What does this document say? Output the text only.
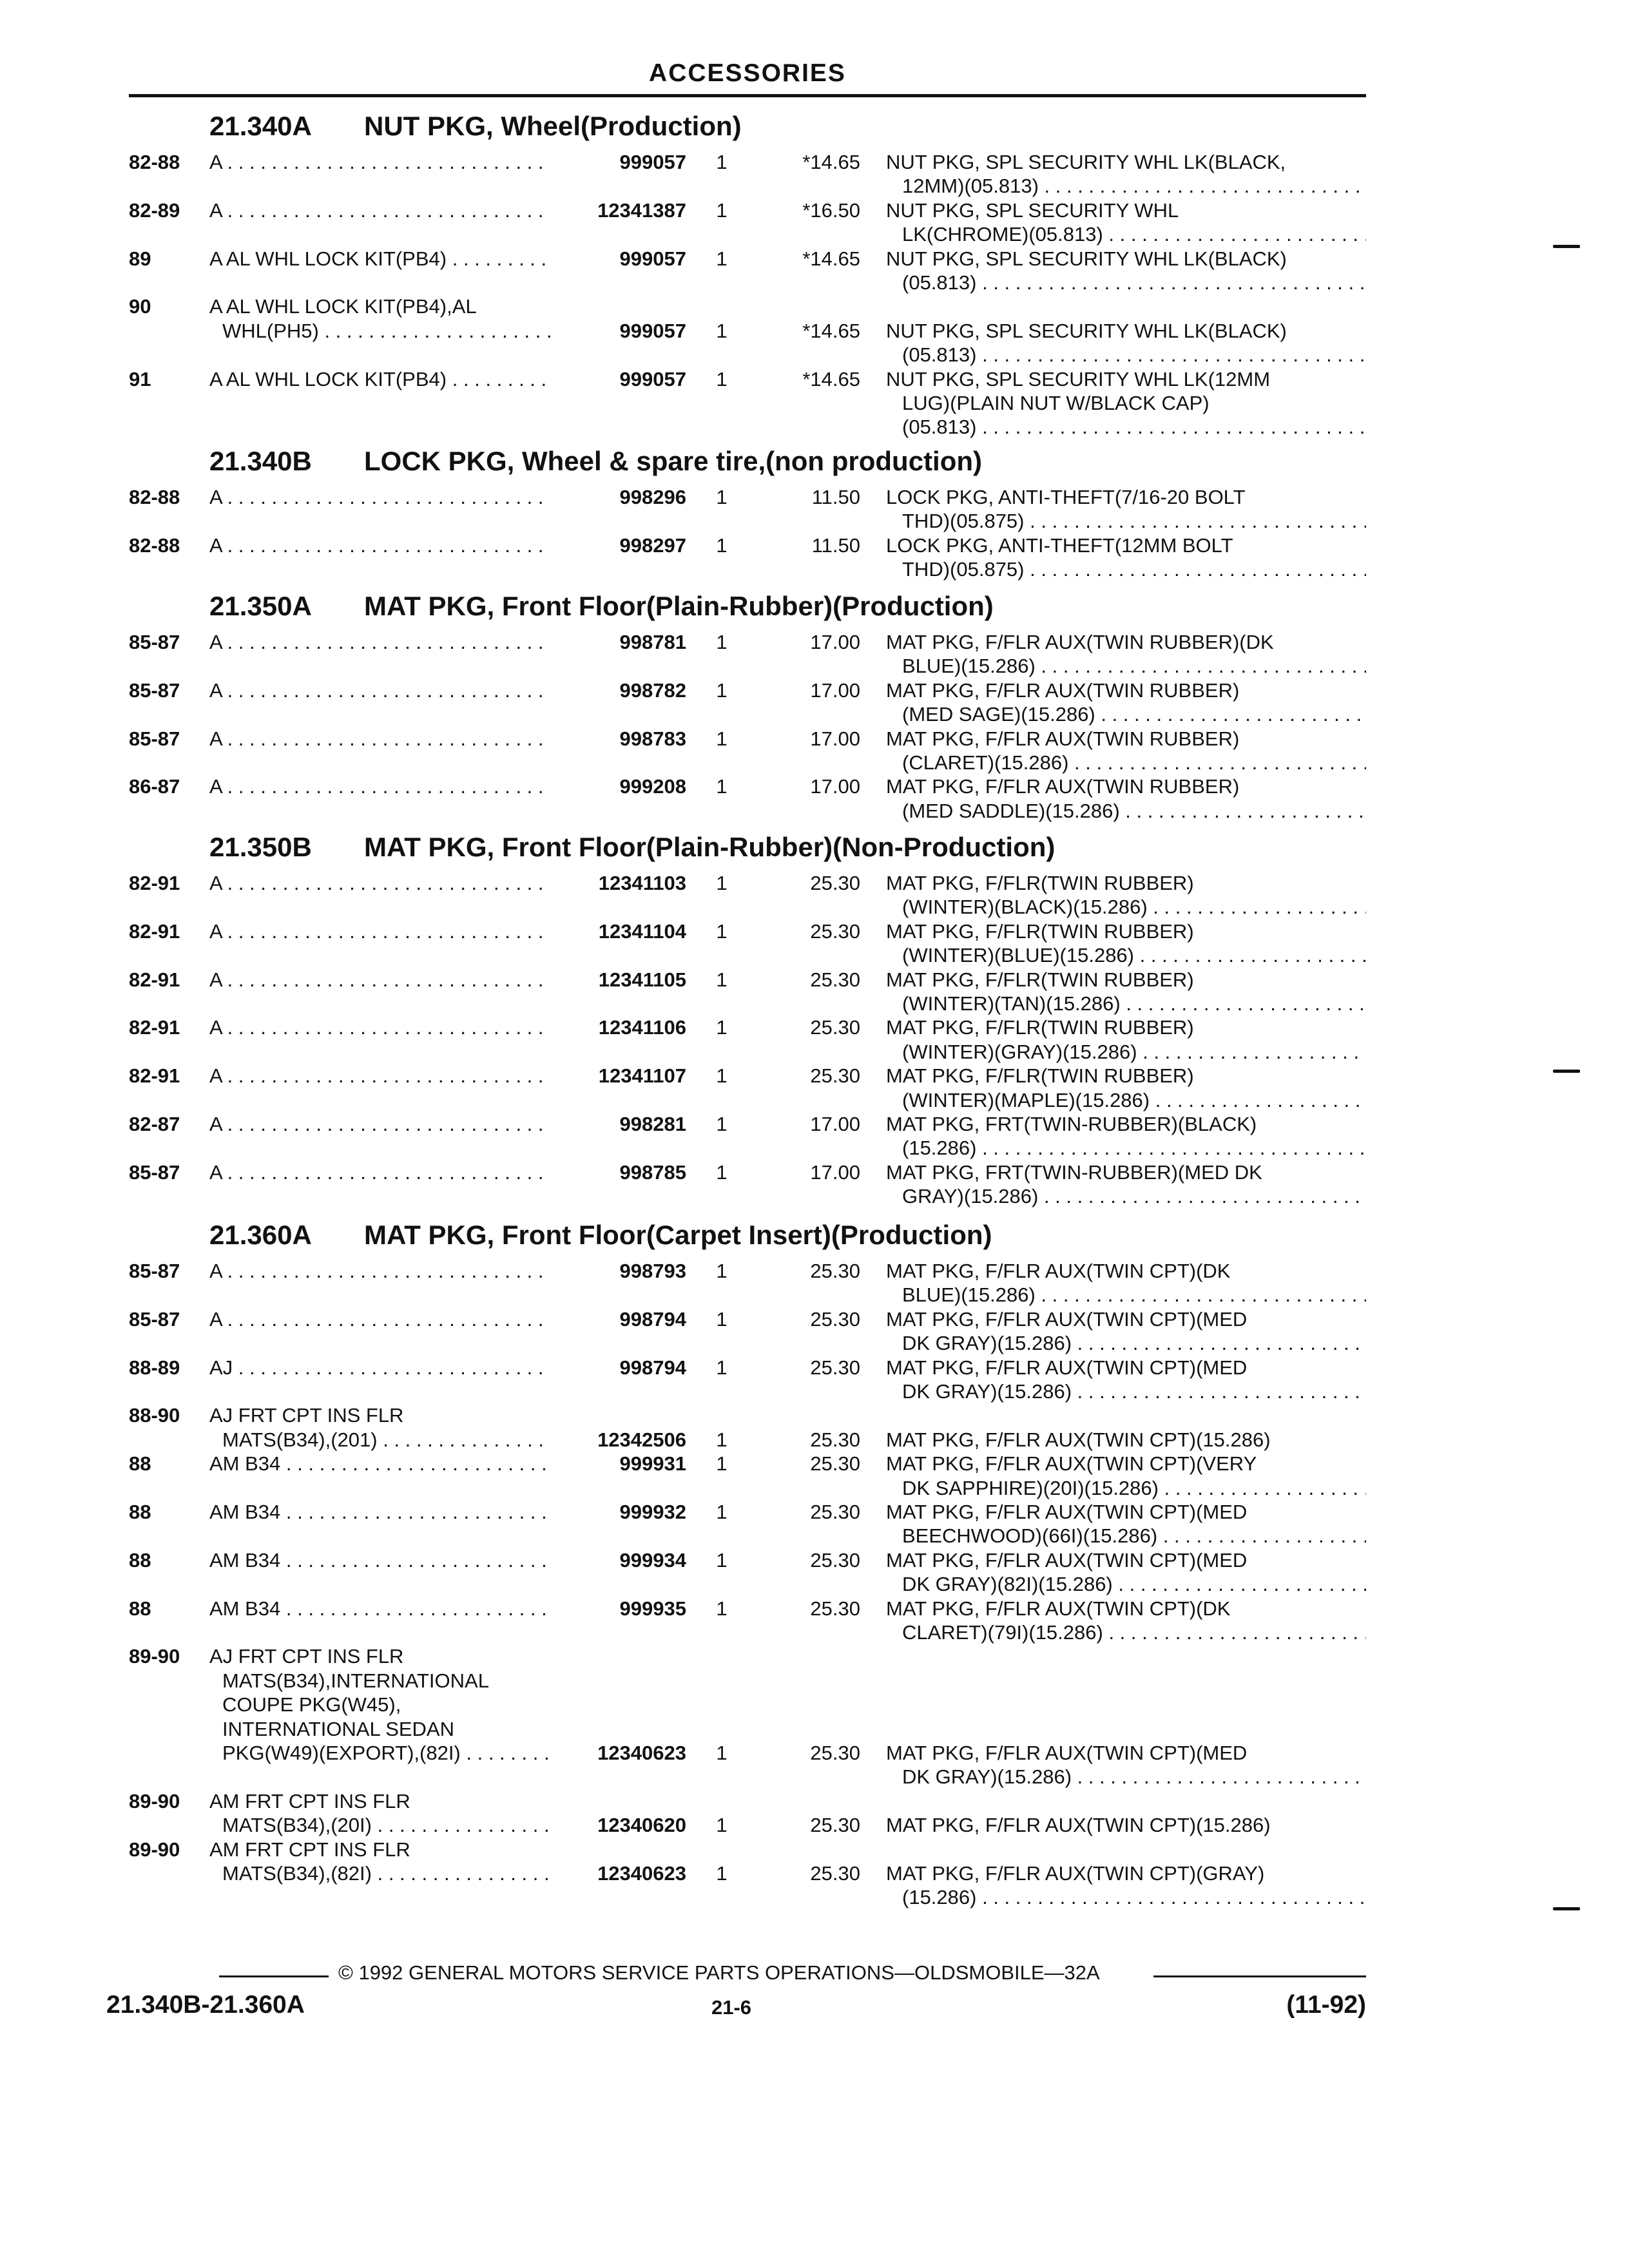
ACCESSORIES
21.340A NUT PKG, Wheel(Production)
82-88	A . . .	999057	1	*14.65 NUT PKG, SPL SECURITY WHL LK(BLACK,
12MM)(05.813) . . .
82-89	A . . .	12341387	1	*16.50 NUT PKG, SPL SECURITY WHL
LK(CHROME)(05.813) . . .
89	A AL WHL LOCK KIT(PB4) . . .	999057	1	*14.65 NUT PKG, SPL SECURITY WHL LK(BLACK)
(05.813) . . .
90	A AL WHL LOCK KIT(PB4),AL
WHL(PH5) . . .	999057	1	*14.65 NUT PKG, SPL SECURITY WHL LK(BLACK)
(05.813) . . .
91	A AL WHL LOCK KIT(PB4) . . .	999057	1	*14.65 NUT PKG, SPL SECURITY WHL LK(12MM
LUG)(PLAIN NUT W/BLACK CAP)
(05.813) . . .
21.340B LOCK PKG, Wheel & spare tire,(non production)
82-88	A . . .	998296	1	11.50 LOCK PKG, ANTI-THEFT(7/16-20 BOLT
THD)(05.875) . . .
82-88	A . . .	998297	1	11.50 LOCK PKG, ANTI-THEFT(12MM BOLT
THD)(05.875) . . .
21.350A MAT PKG, Front Floor(Plain-Rubber)(Production)
85-87	A . . .	998781	1	17.00 MAT PKG, F/FLR AUX(TWIN RUBBER)(DK
BLUE)(15.286) . . .
85-87	A . . .	998782	1	17.00 MAT PKG, F/FLR AUX(TWIN RUBBER)
(MED SAGE)(15.286) . . .
85-87	A . . .	998783	1	17.00 MAT PKG, F/FLR AUX(TWIN RUBBER)
(CLARET)(15.286) . . .
86-87	A . . .	999208	1	17.00 MAT PKG, F/FLR AUX(TWIN RUBBER)
(MED SADDLE)(15.286) . . .
21.350B MAT PKG, Front Floor(Plain-Rubber)(Non-Production)
82-91	A . . .	12341103	1	25.30 MAT PKG, F/FLR(TWIN RUBBER)
(WINTER)(BLACK)(15.286) . . .
82-91	A . . .	12341104	1	25.30 MAT PKG, F/FLR(TWIN RUBBER)
(WINTER)(BLUE)(15.286) . . .
82-91	A . . .	12341105	1	25.30 MAT PKG, F/FLR(TWIN RUBBER)
(WINTER)(TAN)(15.286) . . .
82-91	A . . .	12341106	1	25.30 MAT PKG, F/FLR(TWIN RUBBER)
(WINTER)(GRAY)(15.286) . . .
82-91	A . . .	12341107	1	25.30 MAT PKG, F/FLR(TWIN RUBBER)
(WINTER)(MAPLE)(15.286) . . .
82-87	A . . .	998281	1	17.00 MAT PKG, FRT(TWIN-RUBBER)(BLACK)
(15.286) . . .
85-87	A . . .	998785	1	17.00 MAT PKG, FRT(TWIN-RUBBER)(MED DK
GRAY)(15.286) . . .
21.360A MAT PKG, Front Floor(Carpet Insert)(Production)
85-87	A . . .	998793	1	25.30 MAT PKG, F/FLR AUX(TWIN CPT)(DK
BLUE)(15.286) . . .
85-87	A . . .	998794	1	25.30 MAT PKG, F/FLR AUX(TWIN CPT)(MED
DK GRAY)(15.286) . . .
88-89	AJ . . .	998794	1	25.30 MAT PKG, F/FLR AUX(TWIN CPT)(MED
DK GRAY)(15.286) . . .
88-90	AJ FRT CPT INS FLR
MATS(B34),(201) . . .	12342506	1	25.30 MAT PKG, F/FLR AUX(TWIN CPT)(15.286)
88	AM B34 . . .	999931	1	25.30 MAT PKG, F/FLR AUX(TWIN CPT)(VERY
DK SAPPHIRE)(20I)(15.286) . . .
88	AM B34 . . .	999932	1	25.30 MAT PKG, F/FLR AUX(TWIN CPT)(MED
BEECHWOOD)(66I)(15.286) . . .
88	AM B34 . . .	999934	1	25.30 MAT PKG, F/FLR AUX(TWIN CPT)(MED
DK GRAY)(82I)(15.286) . . .
88	AM B34 . . .	999935	1	25.30 MAT PKG, F/FLR AUX(TWIN CPT)(DK
CLARET)(79I)(15.286) . . .
89-90	AJ FRT CPT INS FLR
MATS(B34),INTERNATIONAL
COUPE PKG(W45),
INTERNATIONAL SEDAN
PKG(W49)(EXPORT),(82I) . . .	12340623	1	25.30 MAT PKG, F/FLR AUX(TWIN CPT)(MED
DK GRAY)(15.286) . . .
89-90	AM FRT CPT INS FLR
MATS(B34),(20I) . . .	12340620	1	25.30 MAT PKG, F/FLR AUX(TWIN CPT)(15.286)
89-90	AM FRT CPT INS FLR
MATS(B34),(82I) . . .	12340623	1	25.30 MAT PKG, F/FLR AUX(TWIN CPT)(GRAY)
(15.286) . . .
© 1992 GENERAL MOTORS SERVICE PARTS OPERATIONS—OLDSMOBILE—32A
21.340B-21.360A	21-6	(11-92)
